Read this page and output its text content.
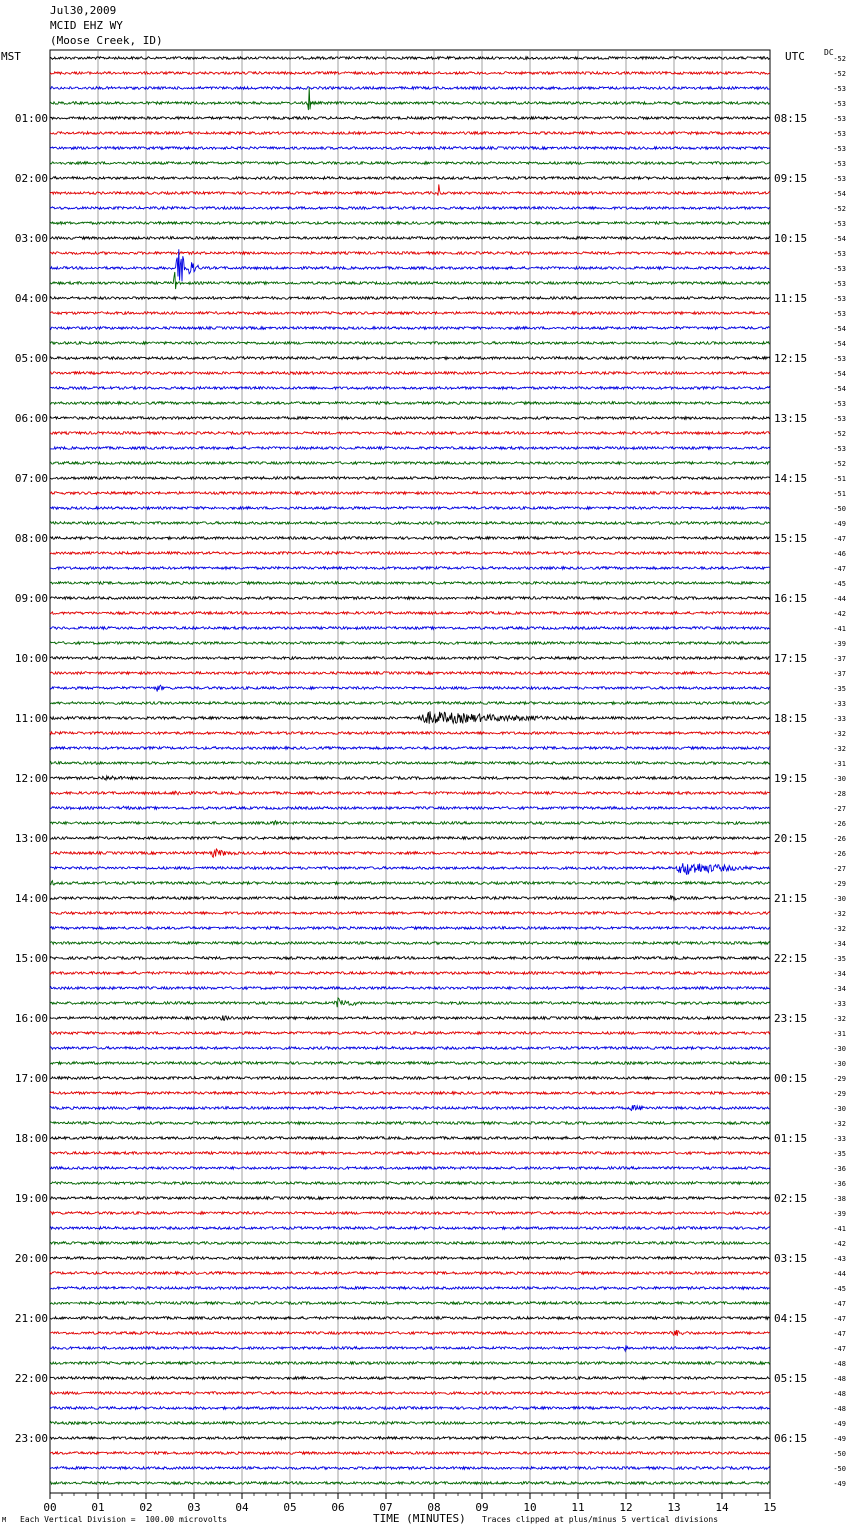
Jul30,2009
MCID EHZ WY
(Moose Creek, ID)
MST	UTC DC
00	01	02	03	04	05	06	07	08	09	10	11	12	13	14	15
01:00
02:00
03:00
04:00
05:00
06:00
07:00
08:00
09:00
10:00
11:00
12:00
13:00
14:00
15:00
16:00
17:00
18:00
19:00
20:00
21:00
22:00
23:00
08:15
09:15
10:15
11:15
12:15
13:15
14:15
15:15
16:15
17:15
18:15
19:15
20:15
21:15
22:15
23:15
00:15
01:15
02:15
03:15
04:15
05:15
06:15
-52
-52
-53
-53
-53
-53
-53
-53
-53
-54
-52
-53
-54
-53
-53
-53
-53
-53
-54
-54
-53
-54
-54
-53
-53
-52
-53
-52
-51
-51
-50
-49
-47
-46
-47
-45
-44
-42
-41
-39
-37
-37
-35
-33
-33
-32
-32
-31
-30
-28
-27
-26
-26
-26
-27
-29
-30
-32
-32
-34
-35
-34
-34
-33
-32
-31
-30
-30
-29
-29
-30
-32
-33
-35
-36
-36
-38
-39
-41
-42
-43
-44
-45
-47
-47
-47
-47
-48
-48
-48
-48
-49
-49
-50
-50
-49
M Each Vertical Division =  100.00 microvolts	TIME (MINUTES) Traces clipped at plus/minus 5 vertical divisions
